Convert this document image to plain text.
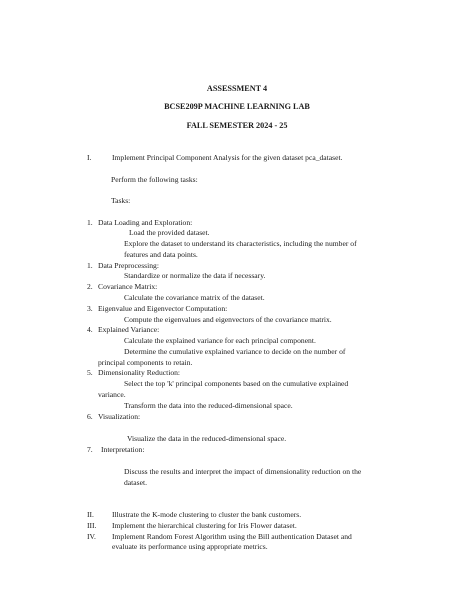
ASSESSMENT 4
BCSE209P MACHINE LEARNING LAB
FALL SEMESTER 2024 - 25
I.	Implement Principal Component Analysis for the given dataset pca_dataset.
Perform the following tasks:
Tasks:
1. Data Loading and Exploration:
Load the provided dataset.
Explore the dataset to understand its characteristics, including the number of
features and data points.
1. Data Preprocessing:
Standardize or normalize the data if necessary.
2. Covariance Matrix:
Calculate the covariance matrix of the dataset.
3. Eigenvalue and Eigenvector Computation:
Compute the eigenvalues and eigenvectors of the covariance matrix.
4. Explained Variance:
Calculate the explained variance for each principal component.
Determine the cumulative explained variance to decide on the number of
principal components to retain.
5. Dimensionality Reduction:
Select the top 'k' principal components based on the cumulative explained
variance.
Transform the data into the reduced-dimensional space.
6. Visualization:
Visualize the data in the reduced-dimensional space.
7. Interpretation:
Discuss the results and interpret the impact of dimensionality reduction on the
dataset.
II. Illustrate the K-mode clustering to cluster the bank customers.
III. Implement the hierarchical clustering for Iris Flower dataset.
IV. Implement Random Forest Algorithm using the Bill authentication Dataset and
evaluate its performance using appropriate metrics.
